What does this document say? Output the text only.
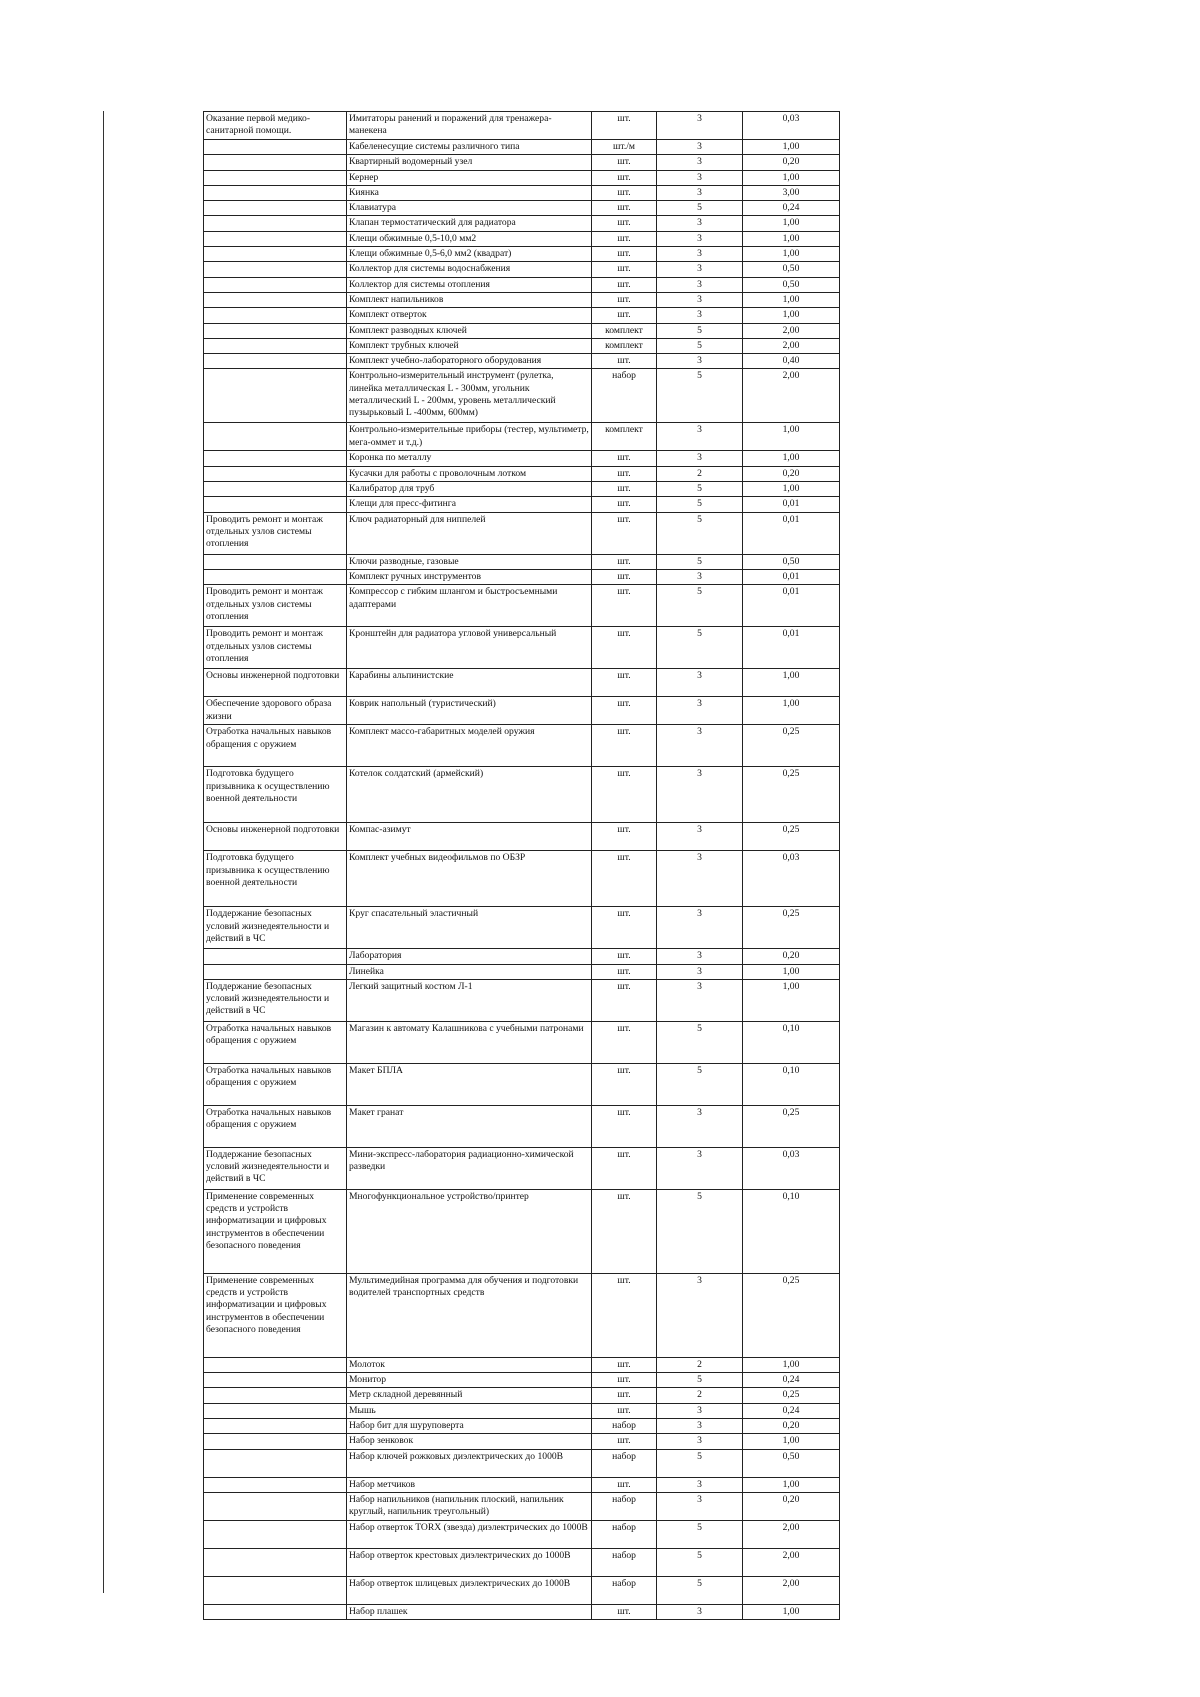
Оказание первой медико-санитарной помощи.	Имитаторы ранений и поражений для тренажера-манекена	шт.	3	0,03
	Кабеленесущие системы различного типа	шт./м	3	1,00
	Квартирный водомерный узел	шт.	3	0,20
	Кернер	шт.	3	1,00
	Киянка	шт.	3	3,00
	Клавиатура	шт.	5	0,24
	Клапан термостатический для радиатора	шт.	3	1,00
	Клещи обжимные 0,5-10,0 мм2	шт.	3	1,00
	Клещи обжимные 0,5-6,0 мм2 (квадрат)	шт.	3	1,00
	Коллектор для системы водоснабжения	шт.	3	0,50
	Коллектор для системы отопления	шт.	3	0,50
	Комплект напильников	шт.	3	1,00
	Комплект отверток	шт.	3	1,00
	Комплект разводных ключей	комплект	5	2,00
	Комплект трубных ключей	комплект	5	2,00
	Комплект учебно-лабораторного оборудования	шт.	3	0,40
	Контрольно-измерительный инструмент (рулетка, линейка металлическая L - 300мм, угольник металлический L - 200мм, уровень металлический пузырьковый L -400мм, 600мм)	набор	5	2,00
	Контрольно-измерительные приборы (тестер, мультиметр, мега-оммет и т.д.)	комплект	3	1,00
	Коронка по металлу	шт.	3	1,00
	Кусачки для работы с проволочным лотком	шт.	2	0,20
	Калибратор для труб	шт.	5	1,00
	Клещи для пресс-фитинга	шт.	5	0,01
Проводить ремонт и монтаж отдельных узлов системы отопления	Ключ радиаторный для ниппелей	шт.	5	0,01
	Ключи разводные, газовые	шт.	5	0,50
	Комплект ручных инструментов	шт.	3	0,01
Проводить ремонт и монтаж отдельных узлов системы отопления	Компрессор с гибким шлангом и быстросъемными адаптерами	шт.	5	0,01
Проводить ремонт и монтаж отдельных узлов системы отопления	Кронштейн для радиатора угловой универсальный	шт.	5	0,01
Основы инженерной подготовки	Карабины альпинистские	шт.	3	1,00
Обеспечение здорового образа жизни	Коврик напольный (туристический)	шт.	3	1,00
Отработка начальных навыков обращения с оружием	Комплект массо-габаритных моделей оружия	шт.	3	0,25
Подготовка будущего призывника к осуществлению военной деятельности	Котелок солдатский (армейский)	шт.	3	0,25
Основы инженерной подготовки	Компас-азимут	шт.	3	0,25
Подготовка будущего призывника к осуществлению военной деятельности	Комплект учебных видеофильмов по ОБЗР	шт.	3	0,03
Поддержание безопасных условий жизнедеятельности и действий в ЧС	Круг спасательный эластичный	шт.	3	0,25
	Лаборатория	шт.	3	0,20
	Линейка	шт.	3	1,00
Поддержание безопасных условий жизнедеятельности и действий в ЧС	Легкий защитный костюм Л-1	шт.	3	1,00
Отработка начальных навыков обращения с оружием	Магазин к автомату Калашникова с учебными патронами	шт.	5	0,10
Отработка начальных навыков обращения с оружием	Макет БПЛА	шт.	5	0,10
Отработка начальных навыков обращения с оружием	Макет гранат	шт.	3	0,25
Поддержание безопасных условий жизнедеятельности и действий в ЧС	Мини-экспресс-лаборатория радиационно-химической разведки	шт.	3	0,03
Применение современных средств и устройств информатизации и цифровых инструментов в обеспечении безопасного поведения	Многофункциональное устройство/принтер	шт.	5	0,10
Применение современных средств и устройств информатизации и цифровых инструментов в обеспечении безопасного поведения	Мультимедийная программа для обучения и подготовки водителей транспортных средств	шт.	3	0,25
	Молоток	шт.	2	1,00
	Монитор	шт.	5	0,24
	Метр складной деревянный	шт.	2	0,25
	Мышь	шт.	3	0,24
	Набор бит для шуруповерта	набор	3	0,20
	Набор зенковок	шт.	3	1,00
	Набор ключей рожковых диэлектрических до 1000В	набор	5	0,50
	Набор метчиков	шт.	3	1,00
	Набор напильников (напильник плоский, напильник круглый, напильник треугольный)	набор	3	0,20
	Набор отверток TORX (звезда) диэлектрических до 1000В	набор	5	2,00
	Набор отверток крестовых диэлектрических до 1000В	набор	5	2,00
	Набор отверток шлицевых диэлектрических до 1000В	набор	5	2,00
	Набор плашек	шт.	3	1,00
